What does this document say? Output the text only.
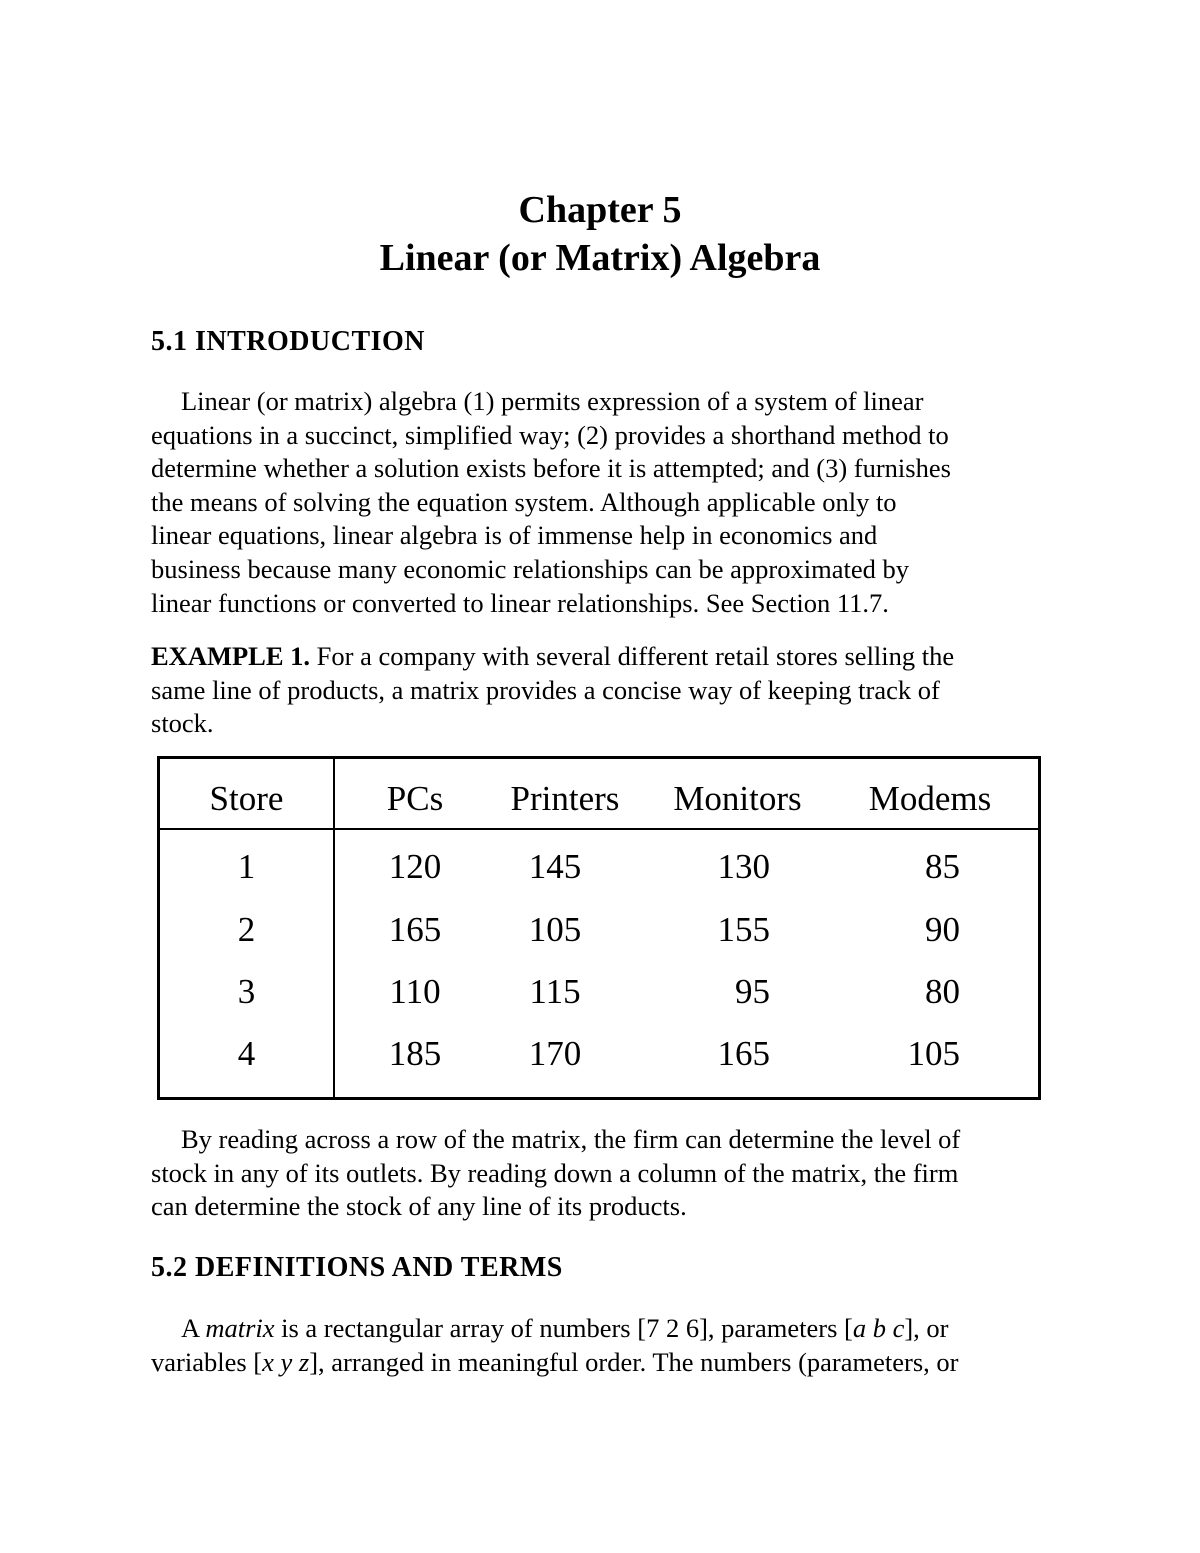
Chapter 5
Linear (or Matrix) Algebra
5.1 INTRODUCTION
Linear (or matrix) algebra (1) permits expression of a system of linear
equations in a succinct, simplified way; (2) provides a shorthand method to
determine whether a solution exists before it is attempted; and (3) furnishes
the means of solving the equation system. Although applicable only to
linear equations, linear algebra is of immense help in economics and
business because many economic relationships can be approximated by
linear functions or converted to linear relationships. See Section 11.7.
EXAMPLE 1. For a company with several different retail stores selling the
same line of products, a matrix provides a concise way of keeping track of
stock.
Store	PCs	Printers	Monitors	Modems
1	120	145	130	85
2	165	105	155	90
3	110	115	95	80
4	185	170	165	105
By reading across a row of the matrix, the firm can determine the level of
stock in any of its outlets. By reading down a column of the matrix, the firm
can determine the stock of any line of its products.
5.2 DEFINITIONS AND TERMS
A matrix is a rectangular array of numbers [7 2 6], parameters [a b c], or
variables [x y z], arranged in meaningful order. The numbers (parameters, or
